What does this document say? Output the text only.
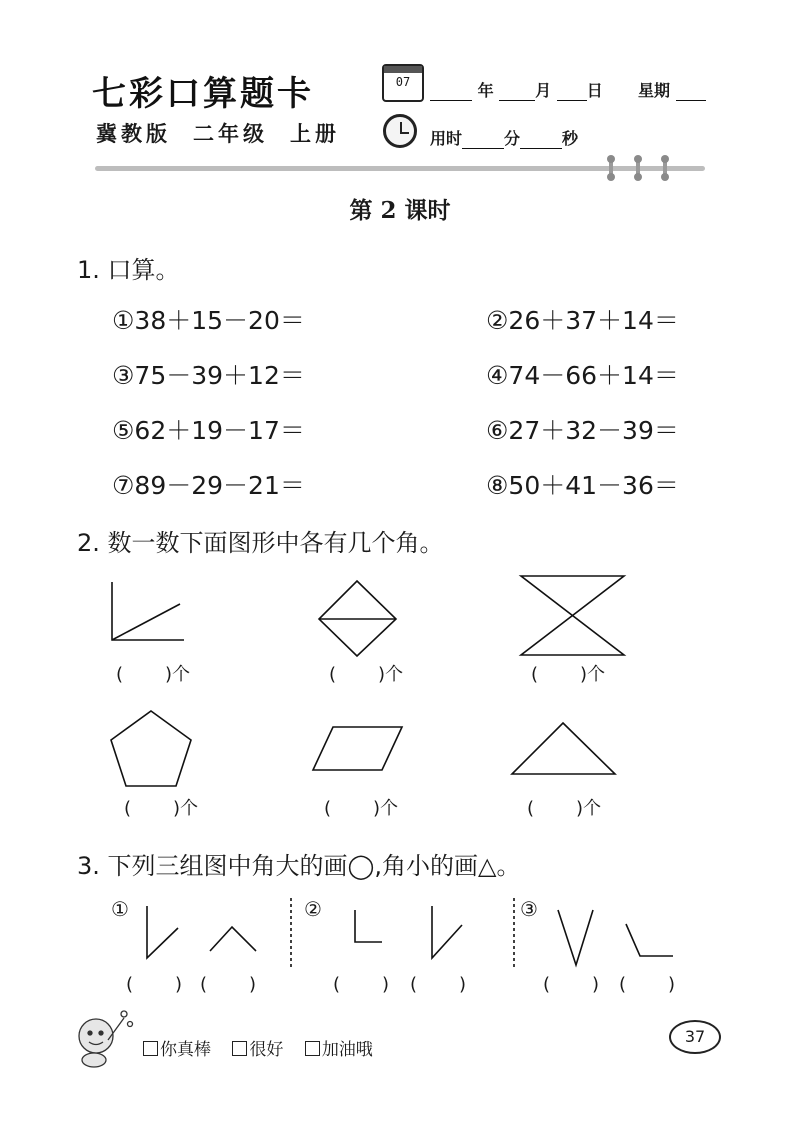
七彩口算题卡
冀教版 二年级 上册
07	年	月 日 星期
用时	分	秒
第 2 课时
1. 口算。
①38＋15－20＝	②26＋37＋14＝
③75－39＋12＝	④74－66＋14＝
⑤62＋19－17＝	⑥27＋32－39＝
⑦89－29－21＝	⑧50＋41－36＝
2. 数一数下面图形中各有几个角。
( )个	( )个	( )个
( )个	( )个	( )个
3. 下列三组图中角大的画◯,角小的画△。
①	②	③
( ) ( )	( ) ( )	( ) ( )
你真棒 很好 加油哦
37
